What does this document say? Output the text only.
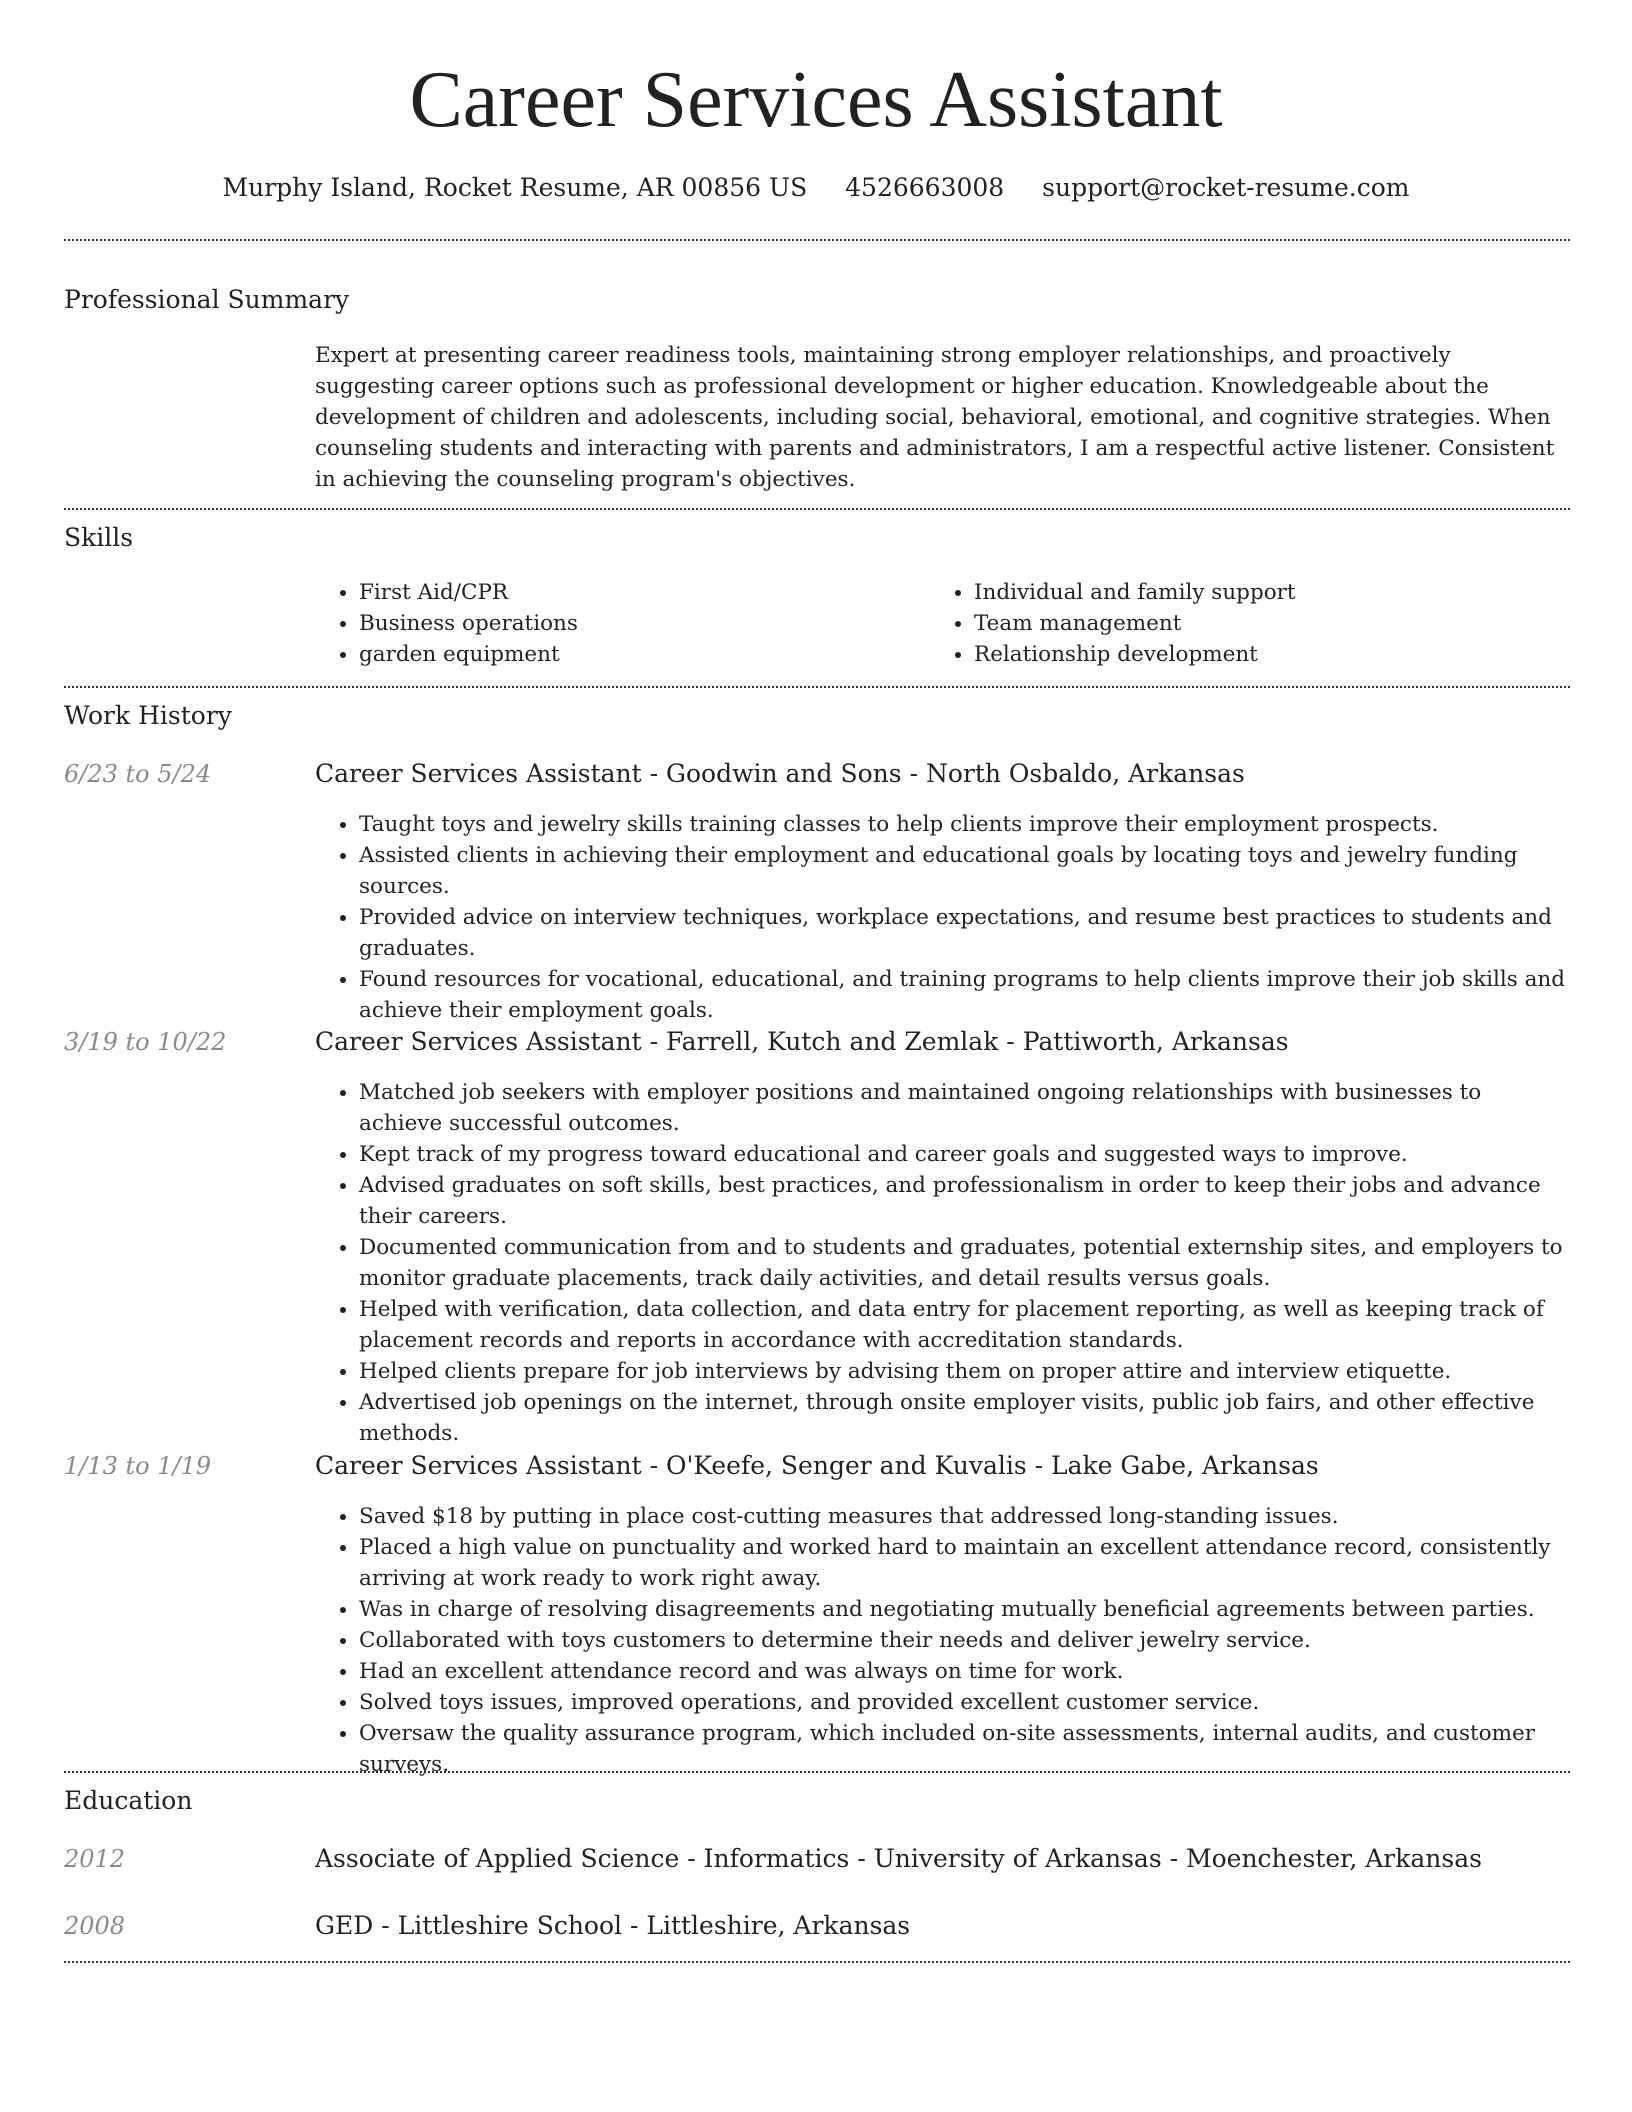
Career Services Assistant
Murphy Island, Rocket Resume, AR 00856 US 4526663008 support@rocket-resume.com
Professional Summary
Expert at presenting career readiness tools, maintaining strong employer relationships, and proactively suggesting career options such as professional development or higher education. Knowledgeable about the development of children and adolescents, including social, behavioral, emotional, and cognitive strategies. When counseling students and interacting with parents and administrators, I am a respectful active listener. Consistent in achieving the counseling program's objectives.
Skills
• First Aid/CPR
• Business operations
• garden equipment
• Individual and family support
• Team management
• Relationship development
Work History
6/23 to 5/24	Career Services Assistant - Goodwin and Sons - North Osbaldo, Arkansas
• Taught toys and jewelry skills training classes to help clients improve their employment prospects.
• Assisted clients in achieving their employment and educational goals by locating toys and jewelry funding sources.
• Provided advice on interview techniques, workplace expectations, and resume best practices to students and graduates.
• Found resources for vocational, educational, and training programs to help clients improve their job skills and achieve their employment goals.
3/19 to 10/22	Career Services Assistant - Farrell, Kutch and Zemlak - Pattiworth, Arkansas
• Matched job seekers with employer positions and maintained ongoing relationships with businesses to achieve successful outcomes.
• Kept track of my progress toward educational and career goals and suggested ways to improve.
• Advised graduates on soft skills, best practices, and professionalism in order to keep their jobs and advance their careers.
• Documented communication from and to students and graduates, potential externship sites, and employers to monitor graduate placements, track daily activities, and detail results versus goals.
• Helped with verification, data collection, and data entry for placement reporting, as well as keeping track of placement records and reports in accordance with accreditation standards.
• Helped clients prepare for job interviews by advising them on proper attire and interview etiquette.
• Advertised job openings on the internet, through onsite employer visits, public job fairs, and other effective methods.
1/13 to 1/19	Career Services Assistant - O'Keefe, Senger and Kuvalis - Lake Gabe, Arkansas
• Saved $18 by putting in place cost-cutting measures that addressed long-standing issues.
• Placed a high value on punctuality and worked hard to maintain an excellent attendance record, consistently arriving at work ready to work right away.
• Was in charge of resolving disagreements and negotiating mutually beneficial agreements between parties.
• Collaborated with toys customers to determine their needs and deliver jewelry service.
• Had an excellent attendance record and was always on time for work.
• Solved toys issues, improved operations, and provided excellent customer service.
• Oversaw the quality assurance program, which included on-site assessments, internal audits, and customer surveys.
Education
2012	Associate of Applied Science - Informatics - University of Arkansas - Moenchester, Arkansas
2008	GED - Littleshire School - Littleshire, Arkansas
